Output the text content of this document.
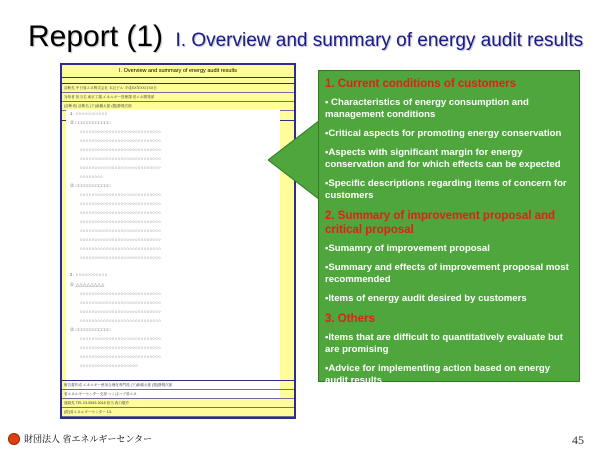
Report (1) I. Overview and summary of energy audit results
I. Overview and summary of energy audit results
診断先 中日省エネ株式会社 本社ビル 平成XX年XX月XX日
対象者 担当名 東京工場 エネルギー管理課 省エネ開発部
(診断者) 診断名 (下)新橋太郎 (製)静岡次郎
1. ○○○○○○○○○○○
② □□□□□□□□□□□□
○○○○○○○○○○○○○○○○○○○○○○○○○○○○
○○○○○○○○○○○○○○○○○○○○○○○○○○○○
○○○○○○○○○○○○○○○○○○○○○○○○○○○○
○○○○○○○○○○○○○○○○○○○○○○○○○○○○
○○○○○○○○○○○○○○○○○○○○○○○○○○○○
○○○○○○○○
② □□□□□□□□□□□□
○○○○○○○○○○○○○○○○○○○○○○○○○○○○
○○○○○○○○○○○○○○○○○○○○○○○○○○○○
○○○○○○○○○○○○○○○○○○○○○○○○○○○○
○○○○○○○○○○○○○○○○○○○○○○○○○○○○
○○○○○○○○○○○○○○○○○○○○○○○○○○○○
○○○○○○○○○○○○○○○○○○○○○○○○○○○○
○○○○○○○○○○○○○○○○○○○○○○○○○○○○
○○○○○○○○○○○○○○○○○○○○○○○○○○○○
2. ○○○○○○○○○○○
① △△△△△△△△
○○○○○○○○○○○○○○○○○○○○○○○○○○○○
○○○○○○○○○○○○○○○○○○○○○○○○○○○○
○○○○○○○○○○○○○○○○○○○○○○○○○○○○
○○○○○○○○○○○○○○○○○○○○○○○○○○○○
② □□□□□□□□□□□□
○○○○○○○○○○○○○○○○○○○○○○○○○○○○
○○○○○○○○○○○○○○○○○○○○○○○○○○○○
○○○○○○○○○○○○○○○○○○○○○○○○○○○○
○○○○○○○○○○○○○○○○○○○○
報告書作成 エネルギー使用合理化専門員 (下)新橋太郎 (製)静岡次郎
省エネルギーセンター支部 つくばハブ省エネ
連絡先 TEL 03-5543-3018 担当 西口敬介
(財)省エネルギーセンター 1/1
1. Current conditions of customers
• Characteristics of energy consumption and management conditions
•Critical aspects for promoting energy conservation
•Aspects with significant margin for energy conservation and for which effects can be expected
•Specific descriptions regarding items of concern for customers
2. Summary of improvement proposal and critical proposal
•Sumamry of improvement proposal
•Summary and effects of improvement proposal most recommended
•Items of energy audit desired by customers
3. Others
•Items that are difficult to quantitatively evaluate but are promising
•Advice for implementing action based on energy audit results
財団法人 省エネルギーセンター	45
